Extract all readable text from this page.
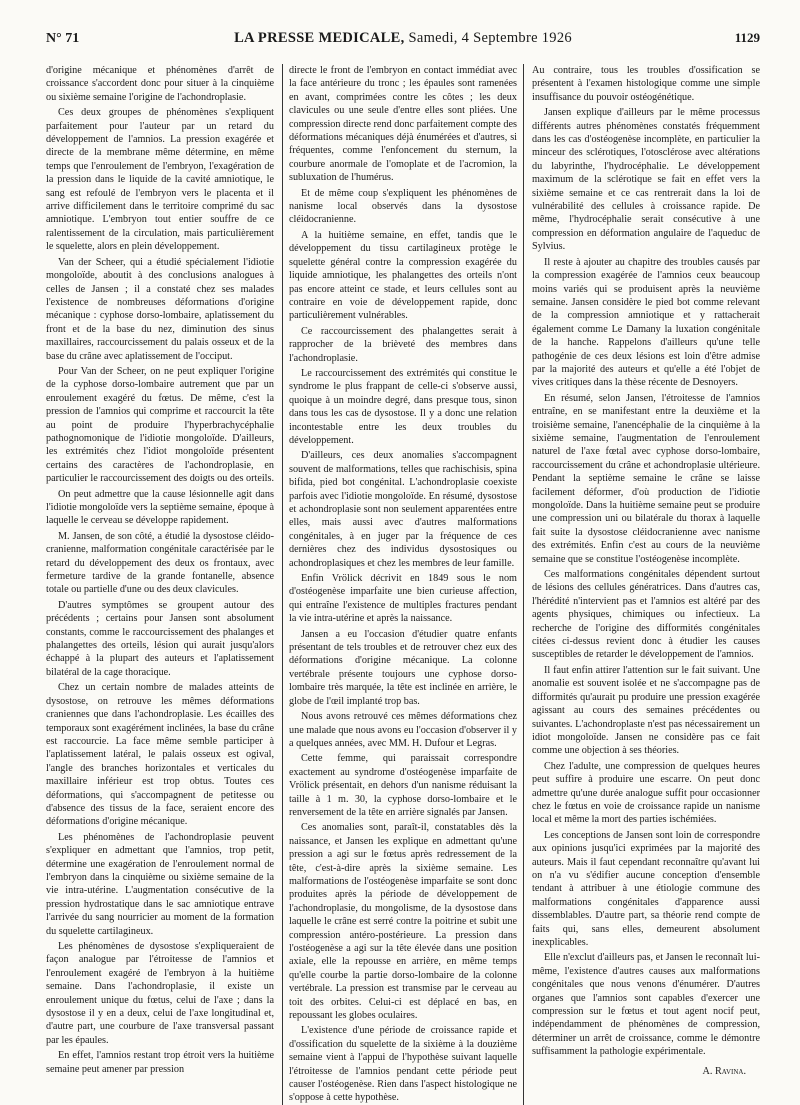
N° 71	LA PRESSE MEDICALE, Samedi, 4 Septembre 1926	1129

d'origine mécanique et phénomènes d'arrêt de croissance s'accordent donc pour situer à la cinquième ou sixième semaine l'origine de l'achondroplasie.

Ces deux groupes de phénomènes s'expliquent parfaitement pour l'auteur par un retard du développement de l'amnios. La pression exagérée et directe de la membrane même détermine, en même temps que l'enroulement de l'embryon, l'exagération de la pression dans le liquide de la cavité amniotique, le sang est refoulé de l'embryon vers le placenta et il arrive difficilement dans le territoire comprimé du sac amniotique. L'embryon tout entier souffre de ce ralentissement de la circulation, mais particulièrement le squelette, alors en plein développement.

Van der Scheer, qui a étudié spécialement l'idiotie mongoloïde, aboutit à des conclusions analogues à celles de Jansen ; il a constaté chez ses malades l'existence de nombreuses déformations d'origine mécanique : cyphose dorso-lombaire, aplatissement du front et de la base du nez, diminution des sinus maxillaires, raccourcissement du palais osseux et de la base du crâne avec aplatissement de l'occiput.

Pour Van der Scheer, on ne peut expliquer l'origine de la cyphose dorso-lombaire autrement que par un enroulement exagéré du fœtus. De même, c'est la pression de l'amnios qui comprime et raccourcit la tête au point de produire l'hyperbrachycéphalie pathognomonique de l'idiotie mongoloïde. D'ailleurs, les extrémités chez l'idiot mongoloïde présentent certains des caractères de l'achondroplasie, en particulier le raccourcissement des doigts ou des orteils.

On peut admettre que la cause lésionnelle agit dans l'idiotie mongoloïde vers la septième semaine, époque à laquelle le cerveau se développe rapidement.

M. Jansen, de son côté, a étudié la dysostose cléido-cranienne, malformation congénitale caractérisée par le retard du développement des deux os frontaux, avec fermeture tardive de la grande fontanelle, absence totale ou partielle d'une ou des deux clavicules.

D'autres symptômes se groupent autour des précédents ; certains pour Jansen sont absolument constants, comme le raccourcissement des phalanges et phalangettes des orteils, lésion qui aurait jusqu'alors échappé à la plupart des auteurs et l'aplatissement bilatéral de la cage thoracique.

Chez un certain nombre de malades atteints de dysostose, on retrouve les mêmes déformations craniennes que dans l'achondroplasie. Les écailles des temporaux sont exagérément inclinées, la base du crâne est raccourcie. La face même semble participer à l'aplatissement latéral, le palais osseux est ogival, l'angle des branches horizontales et verticales du maxillaire inférieur est trop obtus. Toutes ces déformations, qui s'accompagnent de petitesse ou d'absence des tissus de la face, seraient encore des déformations d'origine mécanique.

Les phénomènes de l'achondroplasie peuvent s'expliquer en admettant que l'amnios, trop petit, détermine une exagération de l'enroulement normal de l'embryon dans la cinquième ou sixième semaine de la vie intra-utérine. L'augmentation consécutive de la pression hydrostatique dans le sac amniotique entrave l'arrivée du sang nourricier au moment de la formation du squelette cartilagineux.

Les phénomènes de dysostose s'expliqueraient de façon analogue par l'étroitesse de l'amnios et l'enroulement exagéré de l'embryon à la huitième semaine. Dans l'achondroplasie, il existe un enroulement unique du fœtus, celui de l'axe ; dans la dysostose il y en a deux, celui de l'axe longitudinal et, d'autre part, une courbure de l'axe transversal passant par les épaules.

En effet, l'amnios restant trop étroit vers la huitième semaine peut amener par pression

directe le front de l'embryon en contact immédiat avec la face antérieure du tronc ; les épaules sont ramenées en avant, comprimées contre les côtes ; les deux clavicules ou une seule d'entre elles sont pliées. Une compression directe rend donc parfaitement compte des déformations mécaniques déjà énumérées et d'autres, si fréquentes, comme l'enfoncement du sternum, la courbure anormale de l'omoplate et de l'acromion, la subluxation de l'humérus.

Et de même coup s'expliquent les phénomènes de nanisme local observés dans la dysostose cléidocranienne.

A la huitième semaine, en effet, tandis que le développement du tissu cartilagineux protège le squelette général contre la compression exagérée du liquide amniotique, les phalangettes des orteils n'ont pas encore atteint ce stade, et leurs cellules sont au contraire en voie de développement rapide, donc particulièrement vulnérables.

Ce raccourcissement des phalangettes serait à rapprocher de la brièveté des membres dans l'achondroplasie.

Le raccourcissement des extrémités qui constitue le syndrome le plus frappant de celle-ci s'observe aussi, quoique à un moindre degré, dans presque tous, sinon dans tous les cas de dysostose. Il y a donc une relation incontestable entre les deux troubles du développement.

D'ailleurs, ces deux anomalies s'accompagnent souvent de malformations, telles que rachischisis, spina bifida, pied bot congénital. L'achondroplasie coexiste parfois avec l'idiotie mongoloïde. En résumé, dysostose et achondroplasie sont non seulement apparentées entre elles, mais aussi avec d'autres malformations congénitales, à en juger par la fréquence de ces dernières chez des individus dysostosiques ou achondroplasiques et chez les membres de leur famille.

Enfin Vrölick décrivit en 1849 sous le nom d'ostéogenèse imparfaite une bien curieuse affection, qui entraîne l'existence de multiples fractures pendant la vie intra-utérine et après la naissance.

Jansen a eu l'occasion d'étudier quatre enfants présentant de tels troubles et de retrouver chez eux des déformations d'origine mécanique. La colonne vertébrale présente toujours une cyphose dorso-lombaire très marquée, la tête est inclinée en arrière, le globe de l'œil implanté trop bas.

Nous avons retrouvé ces mêmes déformations chez une malade que nous avons eu l'occasion d'observer il y a quelques années, avec MM. H. Dufour et Legras.

Cette femme, qui paraissait correspondre exactement au syndrome d'ostéogenèse imparfaite de Vrölick présentait, en dehors d'un nanisme réduisant la taille à 1 m. 30, la cyphose dorso-lombaire et le renversement de la tête en arrière signalés par Jansen.

Ces anomalies sont, paraît-il, constatables dès la naissance, et Jansen les explique en admettant qu'une pression a agi sur le fœtus après redressement de la tête, c'est-à-dire après la sixième semaine. Les malformations de l'ostéogenèse imparfaite se sont donc produites après la période de développement de l'achondroplasie, du mongolisme, de la dysostose dans laquelle le crâne est serré contre la poitrine et subit une compression antéro-postérieure. La pression dans l'ostéogenèse a agi sur la tête élevée dans une position axiale, elle la repousse en arrière, en même temps qu'elle courbe la partie dorso-lombaire de la colonne vertébrale. La pression est transmise par le cerveau au toit des orbites. Celui-ci est déplacé en bas, en repoussant les globes oculaires.

L'existence d'une période de croissance rapide et d'ossification du squelette de la sixième à la douzième semaine vient à l'appui de l'hypothèse suivant laquelle l'étroitesse de l'amnios pendant cette période peut causer l'ostéogenèse. Rien dans l'aspect histologique ne s'oppose à cette hypothèse.

Au contraire, tous les troubles d'ossification se présentent à l'examen histologique comme une simple insuffisance du pouvoir ostéogénétique.

Jansen explique d'ailleurs par le même processus différents autres phénomènes constatés fréquemment dans les cas d'ostéogenèse incomplète, en particulier la minceur des sclérotiques, l'otosclérose avec altérations du labyrinthe, l'hydrocéphalie. Le développement maximum de la sclérotique se fait en effet vers la sixième semaine et ce cas rentrerait dans la loi de vulnérabilité des cellules à croissance rapide. De même, l'hydrocéphalie serait consécutive à une compression en déformation angulaire de l'aqueduc de Sylvius.

Il reste à ajouter au chapitre des troubles causés par la compression exagérée de l'amnios ceux beaucoup moins variés qui se produisent après la neuvième semaine. Jansen considère le pied bot comme relevant de la compression amniotique et y rattacherait également comme Le Damany la luxation congénitale de la hanche. Rappelons d'ailleurs qu'une telle pathogénie de ces deux lésions est loin d'être admise par la majorité des auteurs et qu'elle a été l'objet de vives critiques dans la thèse récente de Desnoyers.

En résumé, selon Jansen, l'étroitesse de l'amnios entraîne, en se manifestant entre la deuxième et la troisième semaine, l'anencéphalie de la cinquième à la sixième semaine, l'augmentation de l'enroulement naturel de l'axe fœtal avec cyphose dorso-lombaire, raccourcissement du crâne et achondroplasie ultérieure. Pendant la septième semaine le crâne se laisse facilement déformer, d'où production de l'idiotie mongoloïde. Dans la huitième semaine peut se produire une compression uni ou bilatérale du thorax à laquelle fait suite la dysostose cléidocranienne avec nanisme des extrémités. Enfin c'est au cours de la neuvième semaine que se constitue l'ostéogenèse incomplète.

Ces malformations congénitales dépendent surtout de lésions des cellules génératrices. Dans d'autres cas, l'hérédité n'intervient pas et l'amnios est altéré par des agents physiques, chimiques ou infectieux. La recherche de l'origine des difformités congénitales citées ci-dessus revient donc à étudier les causes susceptibles de retarder le développement de l'amnios.

Il faut enfin attirer l'attention sur le fait suivant. Une anomalie est souvent isolée et ne s'accompagne pas de difformités qu'aurait pu produire une pression exagérée agissant au cours des semaines précédentes ou suivantes. L'achondroplaste n'est pas nécessairement un idiot mongoloïde. Jansen ne considère pas ce fait comme une objection à ses théories.

Chez l'adulte, une compression de quelques heures peut suffire à produire une escarre. On peut donc admettre qu'une durée analogue suffit pour occasionner chez le fœtus en voie de croissance rapide un nanisme local et même la mort des parties ischémiées.

Les conceptions de Jansen sont loin de correspondre aux opinions jusqu'ici exprimées par la majorité des auteurs. Mais il faut cependant reconnaître qu'avant lui on n'a vu s'édifier aucune conception d'ensemble tendant à attribuer à une étiologie commune des malformations congénitales d'apparence aussi dissemblables. D'autre part, sa théorie rend compte de faits qui, sans elles, demeurent absolument inexplicables.

Elle n'exclut d'ailleurs pas, et Jansen le reconnaît lui-même, l'existence d'autres causes aux malformations congénitales que nous venons d'énumérer. D'autres organes que l'amnios sont capables d'exercer une compression sur le fœtus et tout agent nocif peut, indépendamment de phénomènes de compression, déterminer un arrêt de croissance, comme le démontre suffisamment la pathologie expérimentale.

A. Ravina.
